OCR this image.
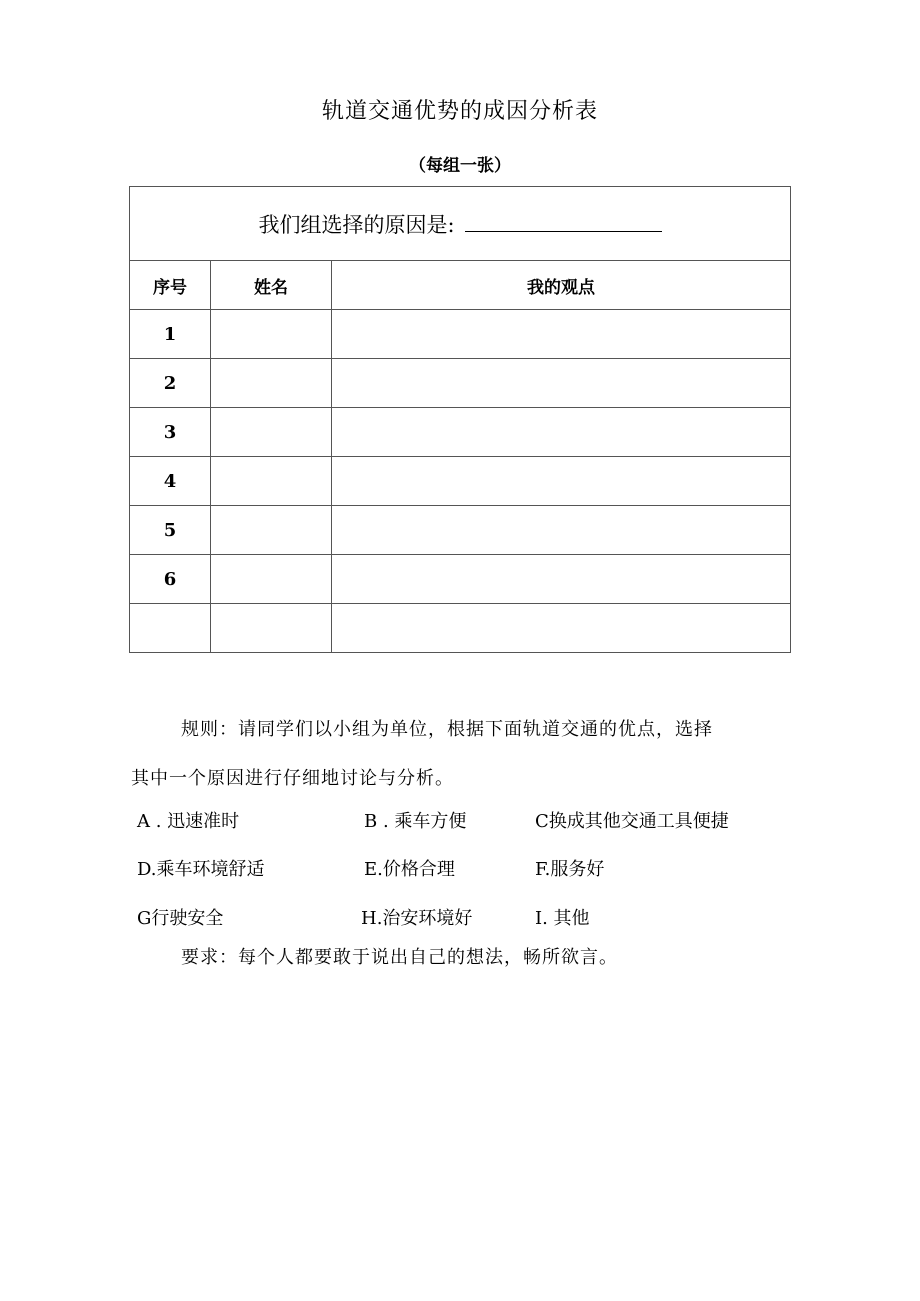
轨道交通优势的成因分析表
（每组一张）
我们组选择的原因是:		
序号	姓名	我的观点
1		
2		
3		
4		
5		
6		

规则：请同学们以小组为单位，根据下面轨道交通的优点，选择
其中一个原因进行仔细地讨论与分析。
A . 迅速准时	B . 乘车方便	C换成其他交通工具便捷
D.乘车环境舒适	E.价格合理	F.服务好
G行驶安全	H.治安环境好	I. 其他
要求：每个人都要敢于说出自己的想法，畅所欲言。
